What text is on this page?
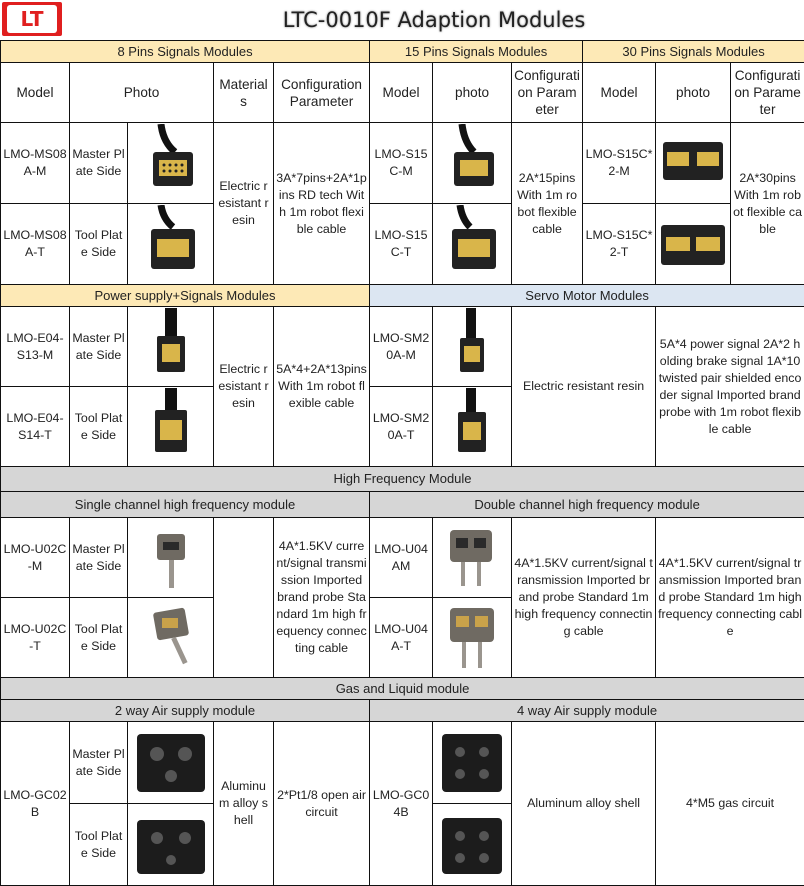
LT	LTC-0010F Adaption Modules
8 Pins Signals Modules					15 Pins Signals Modules			30 Pins Signals Modules		
Model	Photo		Materials	Configuration Parameter	Model	photo	Configuration Parameter	Model	photo	Configuration Parameter
LMO-MS08A-M	Master Plate Side		Electric resistant resin	3A*7pins+2A*1pins RD tech With 1m robot flexible cable	LMO-S15C-M		2A*15pins With 1m robot flexible cable	LMO-S15C*2-M		2A*30pins With 1m robot flexible cable
LMO-MS08A-T	Tool Plate Side				LMO-S15C-T			LMO-S15C*2-T	

Power supply+Signals Modules					Servo Motor Modules					
LMO-E04-S13-M	Master Plate Side		Electric resistant resin	5A*4+2A*13pins With 1m robot flexible cable	LMO-SM20A-M		Electric resistant resin		5A*4 power signal 2A*2 holding brake signal 1A*10 twisted pair shielded encoder signal Imported brand probe with 1m robot flexible cable	
LMO-E04-S14-T	Tool Plate Side				LMO-SM20A-T	

High Frequency Module										
Single channel high frequency module					Double channel high frequency module					
LMO-U02C-M	Master Plate Side			4A*1.5KV current/signal transmission Imported brand probe Standard 1m high frequency connecting cable	LMO-U04AM		4A*1.5KV current/signal transmission Imported brand probe Standard 1m high frequency connecting cable		4A*1.5KV current/signal transmission Imported brand probe Standard 1m high frequency connecting cable	
LMO-U02C-T	Tool Plate Side				LMO-U04A-T	

Gas and Liquid module										
2 way Air supply module					4 way Air supply module					
LMO-GC02B	Master Plate Side		Aluminum alloy shell	2*Pt1/8 open air circuit	LMO-GC04B		Aluminum alloy shell		4*M5 gas circuit	
	Tool Plate Side	
